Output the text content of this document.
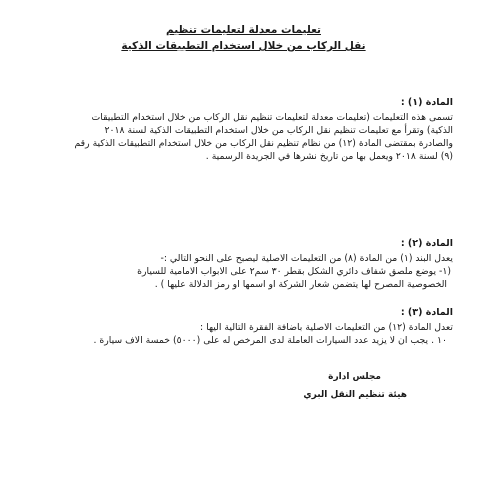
تعليمات معدلة لتعليمات تنظيم

نقل الركاب من خلال استخدام التطبيقات الذكية

المادة (١) :

تسمى هذه التعليمات (تعليمات معدلة لتعليمات تنظيم نقل الركاب من خلال استخدام التطبيقات

الذكية) وتقرأ مع تعليمات تنظيم نقل الركاب من خلال استخدام التطبيقات الذكية لسنة ٢٠١٨

والصادرة بمقتضى المادة (١٢) من نظام تنظيم نقل الركاب من خلال استخدام التطبيقات الذكية رقم

(٩) لسنة ٢٠١٨ ويعمل بها من تاريخ نشرها في الجريدة الرسمية .

المادة (٢) :

يعدل البند (١) من المادة (٨) من التعليمات الاصلية ليصبح على النحو التالي :-

(١- يوضع ملصق شفاف دائري الشكل بقطر ٣٠ سم٢ على الابواب الامامية للسيارة

الخصوصية المصرح لها يتضمن شعار الشركة او اسمها او رمز الدلالة عليها ) .

المادة (٣) :

تعدل المادة (١٢) من التعليمات الاصلية باضافة الفقرة التالية اليها :

١٠ . يجب ان لا يزيد عدد السيارات العاملة لدى المرخص له على (٥٠٠٠) خمسة الاف سيارة .

مجلس ادارة
هيئة تنظيم النقل البري
